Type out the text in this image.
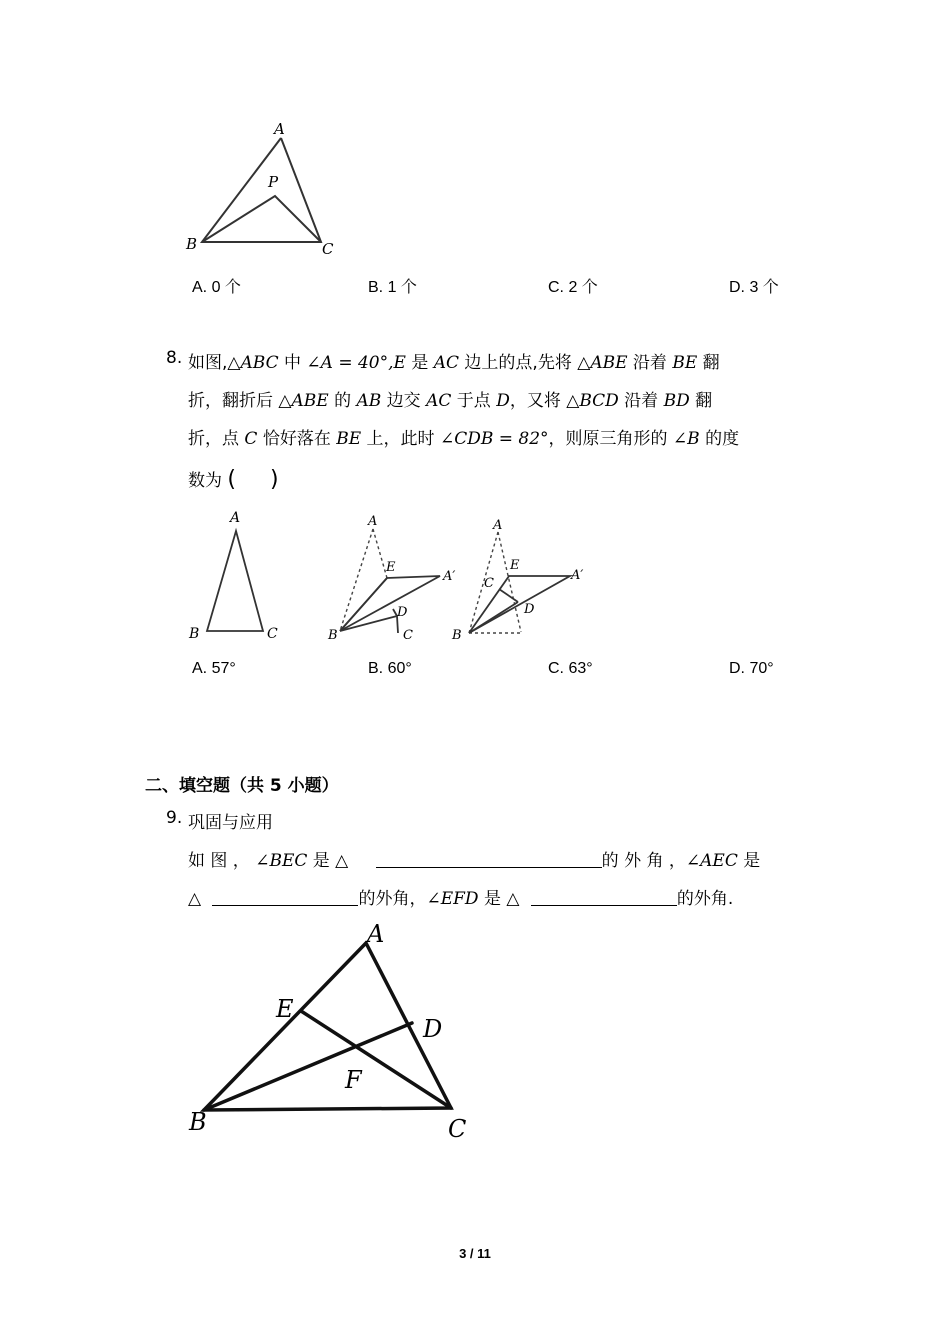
A
P
B	C
A. 0 个	B. 1 个	C. 2 个	D. 3 个
8. 如图,△ABC 中 ∠A = 40°,E 是 AC 边上的点,先将 △ABE 沿着 BE 翻
折，翻折后 △ABE 的 AB 边交 AC 于点 D，又将 △BCD 沿着 BD 翻
折，点 C 恰好落在 BE 上，此时 ∠CDB = 82°，则原三角形的 ∠B 的度
数为 ( )
A
B	C
A
E
A′
D
B	C
A
C
E
A′
D
B
A. 57°	B. 60°	C. 63°	D. 70°
二、填空题（共 5 小题）
9. 巩固与应用
如 图 ， ∠BEC 是 △	的 外 角 ，∠AEC 是
△	的外角，∠EFD 是 △	的外角.
A
E
D
F
B	C
3 / 11
